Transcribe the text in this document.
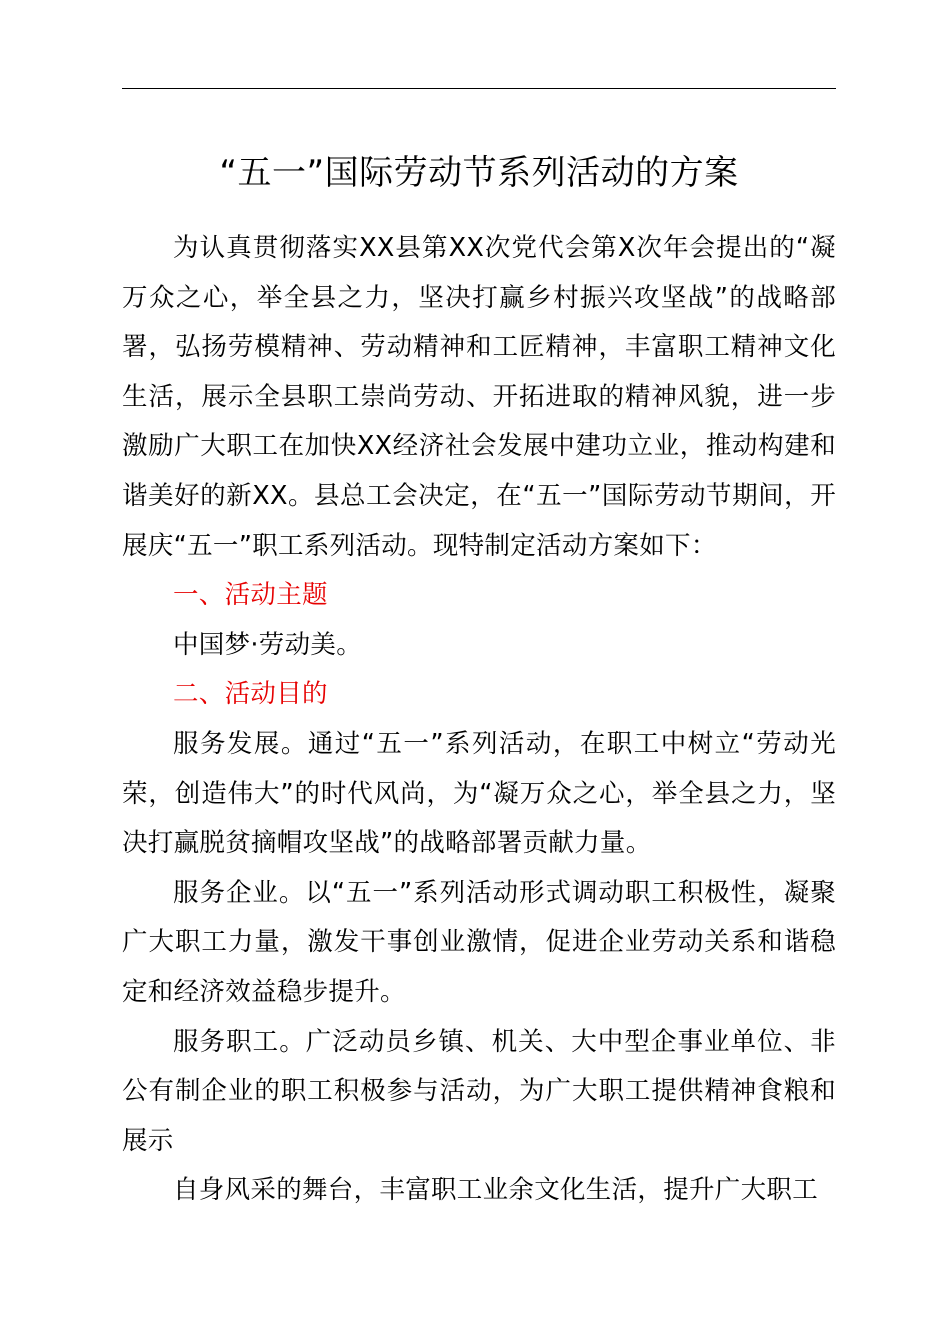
“五一”国际劳动节系列活动的方案

为认真贯彻落实XX县第XX次党代会第X次年会提出的“凝万众之心，举全县之力，坚决打赢乡村振兴攻坚战”的战略部署，弘扬劳模精神、劳动精神和工匠精神，丰富职工精神文化生活，展示全县职工崇尚劳动、开拓进取的精神风貌，进一步激励广大职工在加快XX经济社会发展中建功立业，推动构建和谐美好的新XX。县总工会决定，在“五一”国际劳动节期间，开展庆“五一”职工系列活动。现特制定活动方案如下：

一、活动主题

中国梦·劳动美。

二、活动目的

服务发展。通过“五一”系列活动，在职工中树立“劳动光荣，创造伟大”的时代风尚，为“凝万众之心，举全县之力，坚决打赢脱贫摘帽攻坚战”的战略部署贡献力量。

服务企业。以“五一”系列活动形式调动职工积极性，凝聚广大职工力量，激发干事创业激情，促进企业劳动关系和谐稳定和经济效益稳步提升。

服务职工。广泛动员乡镇、机关、大中型企事业单位、非公有制企业的职工积极参与活动，为广大职工提供精神食粮和展示

自身风采的舞台，丰富职工业余文化生活，提升广大职工
